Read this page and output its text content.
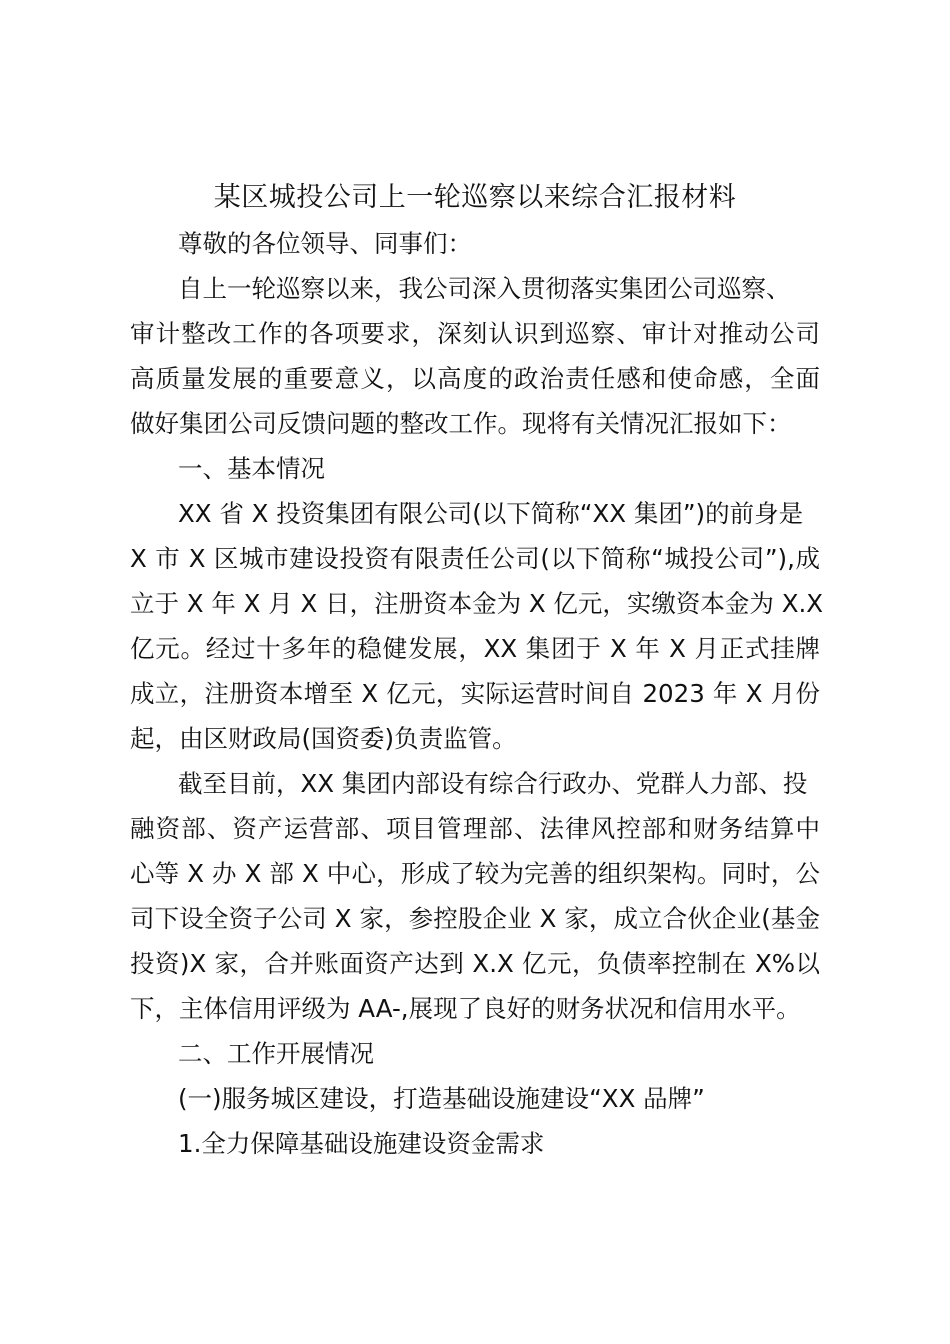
某区城投公司上一轮巡察以来综合汇报材料
尊敬的各位领导、同事们：
自上一轮巡察以来，我公司深入贯彻落实集团公司巡察、
审计整改工作的各项要求，深刻认识到巡察、审计对推动公司
高质量发展的重要意义，以高度的政治责任感和使命感，全面
做好集团公司反馈问题的整改工作。现将有关情况汇报如下：
一、基本情况
XX 省 X 投资集团有限公司(以下简称“XX 集团”)的前身是
X 市 X 区城市建设投资有限责任公司(以下简称“城投公司”),成
立于 X 年 X 月 X 日，注册资本金为 X 亿元，实缴资本金为 X.X
亿元。经过十多年的稳健发展，XX 集团于 X 年 X 月正式挂牌
成立，注册资本增至 X 亿元，实际运营时间自 2023 年 X 月份
起，由区财政局(国资委)负责监管。
截至目前，XX 集团内部设有综合行政办、党群人力部、投
融资部、资产运营部、项目管理部、法律风控部和财务结算中
心等 X 办 X 部 X 中心，形成了较为完善的组织架构。同时，公
司下设全资子公司 X 家，参控股企业 X 家，成立合伙企业(基金
投资)X 家，合并账面资产达到 X.X 亿元，负债率控制在 X%以
下，主体信用评级为 AA-,展现了良好的财务状况和信用水平。
二、工作开展情况
(一)服务城区建设，打造基础设施建设“XX 品牌”
1.全力保障基础设施建设资金需求
